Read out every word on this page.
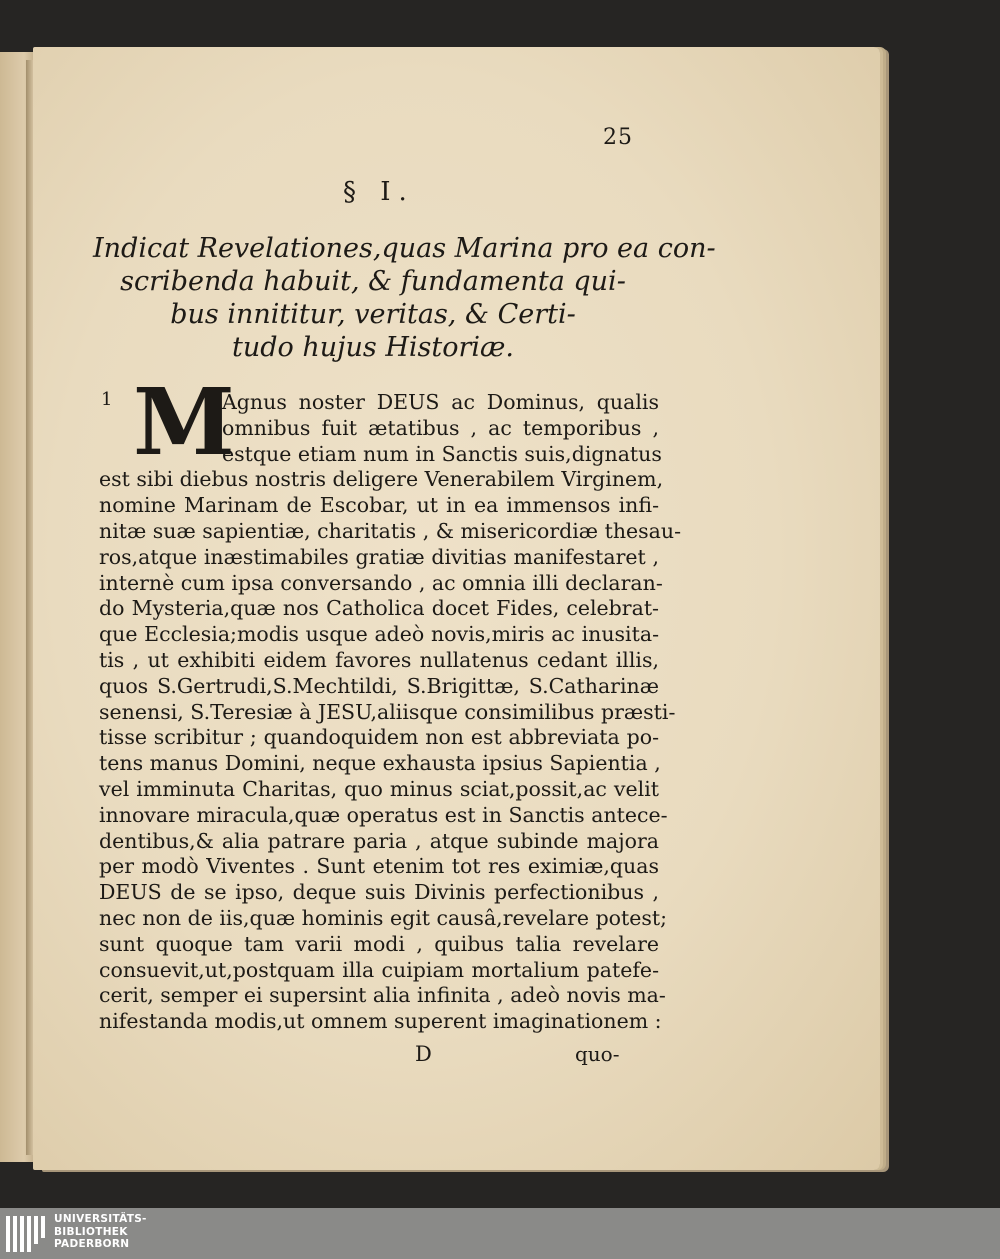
25
§ I.
Indicat Revelationes,quas Marina pro ea con-
scribenda habuit, & fundamenta qui-
bus innititur, veritas, & Certi-
tudo hujus Historiæ.
1 M
Agnus noster DEUS ac Dominus, qualis
omnibus fuit ætatibus , ac temporibus ,
estque etiam num in Sanctis suis,dignatus
est sibi diebus nostris deligere Venerabilem Virginem,
nomine Marinam de Escobar, ut in ea immensos infi-
nitæ suæ sapientiæ, charitatis , & misericordiæ thesau-
ros,atque inæstimabiles gratiæ divitias manifestaret ,
internè cum ipsa conversando , ac omnia illi declaran-
do Mysteria,quæ nos Catholica docet Fides, celebrat-
que Ecclesia;modis usque adeò novis,miris ac inusita-
tis , ut exhibiti eidem favores nullatenus cedant illis,
quos S.Gertrudi,S.Mechtildi, S.Brigittæ, S.Catharinæ
senensi, S.Teresiæ à JESU,aliisque consimilibus præsti-
tisse scribitur ; quandoquidem non est abbreviata po-
tens manus Domini, neque exhausta ipsius Sapientia ,
vel imminuta Charitas, quo minus sciat,possit,ac velit
innovare miracula,quæ operatus est in Sanctis antece-
dentibus,& alia patrare paria , atque subinde majora
per modò Viventes . Sunt etenim tot res eximiæ,quas
DEUS de se ipso, deque suis Divinis perfectionibus ,
nec non de iis,quæ hominis egit causâ,revelare potest;
sunt quoque tam varii modi , quibus talia revelare
consuevit,ut,postquam illa cuipiam mortalium patefe-
cerit, semper ei supersint alia infinita , adeò novis ma-
nifestanda modis,ut omnem superent imaginationem :
D	quo-
UNIVERSITÄTS-
BIBLIOTHEK
PADERBORN
